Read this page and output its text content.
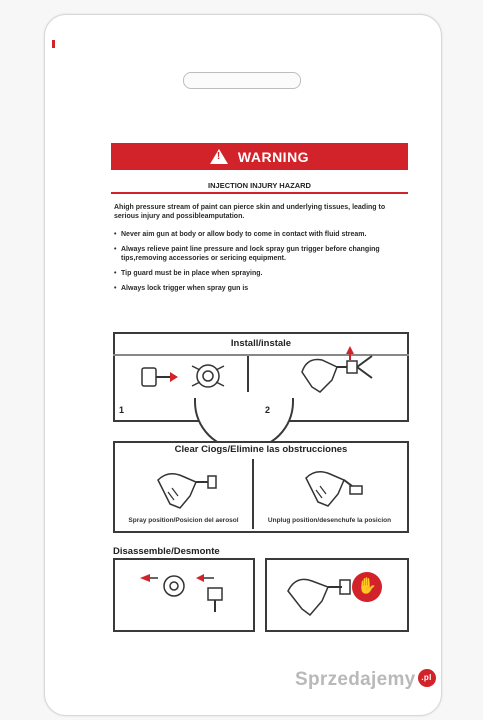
! WARNING
INJECTION INJURY HAZARD
Ahigh pressure stream of paint can pierce skin and underlying tissues, leading to serious injury and possibleamputation.
• Never aim gun at body or allow body to come in contact with fluid stream.
• Always relieve paint line pressure and lock spray gun trigger before changing tips,removing accessories or sericing equipment.
• Tip guard must be in place when spraying.
• Always lock trigger when spray gun is
Install/instale
1	2
Clear Ciogs/Elimine las obstrucciones
Spray position/Posicion del aerosol	Unplug position/desenchufe la posicion
Disassemble/Desmonte
✋
Sprzedajemy .pl
